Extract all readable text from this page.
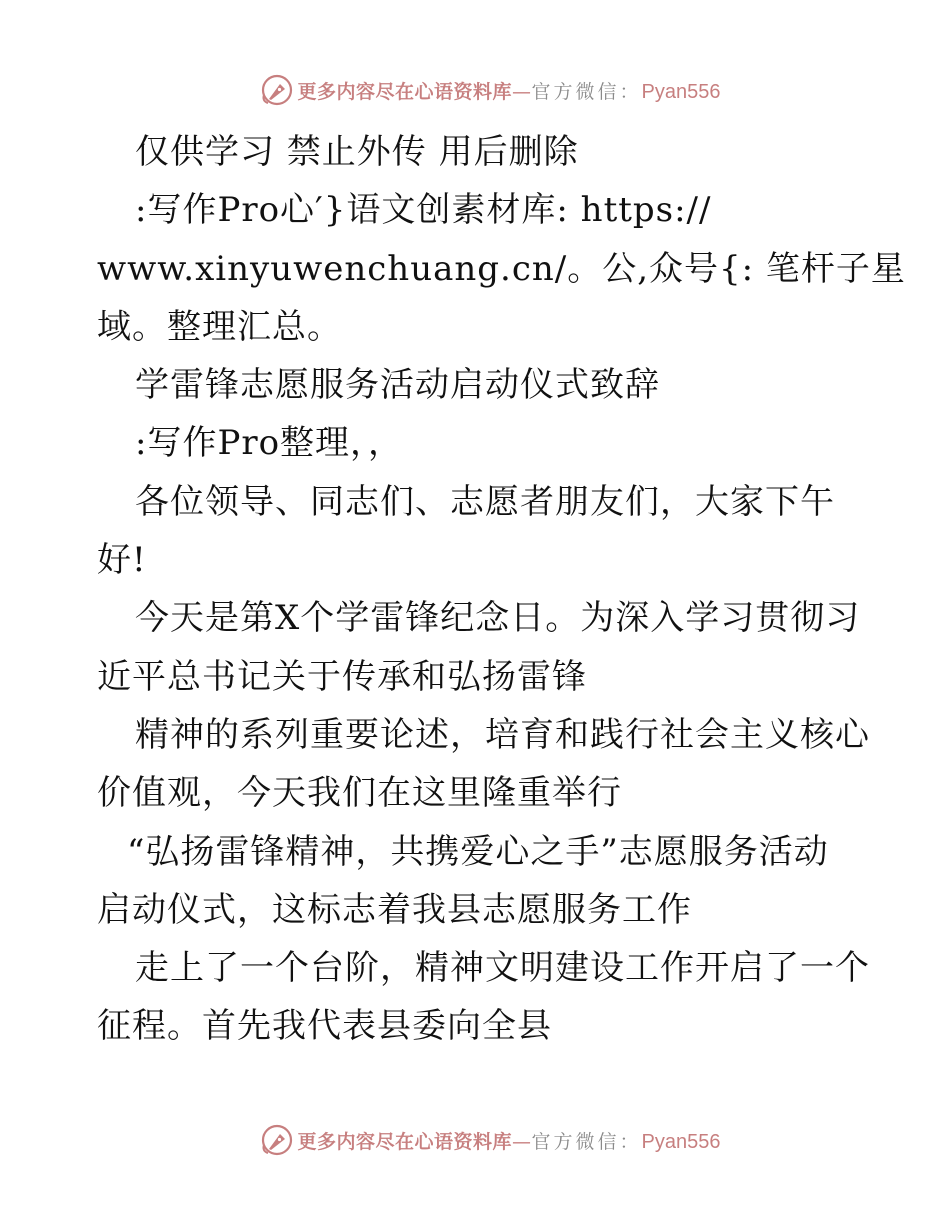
更多内容尽在心语资料库—官方微信：Pyan556
仅供学习 禁止外传 用后删除
:写作Pro心′}语文创素材库: https://
www.xinyuwenchuang.cn/。公,众号{: 笔杆子星
域。整理汇总。
学雷锋志愿服务活动启动仪式致辞
:写作Pro整理，，
各位领导、同志们、志愿者朋友们，大家下午
好!
今天是第X个学雷锋纪念日。为深入学习贯彻习
近平总书记关于传承和弘扬雷锋
精神的系列重要论述，培育和践行社会主义核心
价值观，今天我们在这里隆重举行
“弘扬雷锋精神，共携爱心之手”志愿服务活动
启动仪式，这标志着我县志愿服务工作
走上了一个台阶，精神文明建设工作开启了一个
征程。首先我代表县委向全县
更多内容尽在心语资料库—官方微信：Pyan556
